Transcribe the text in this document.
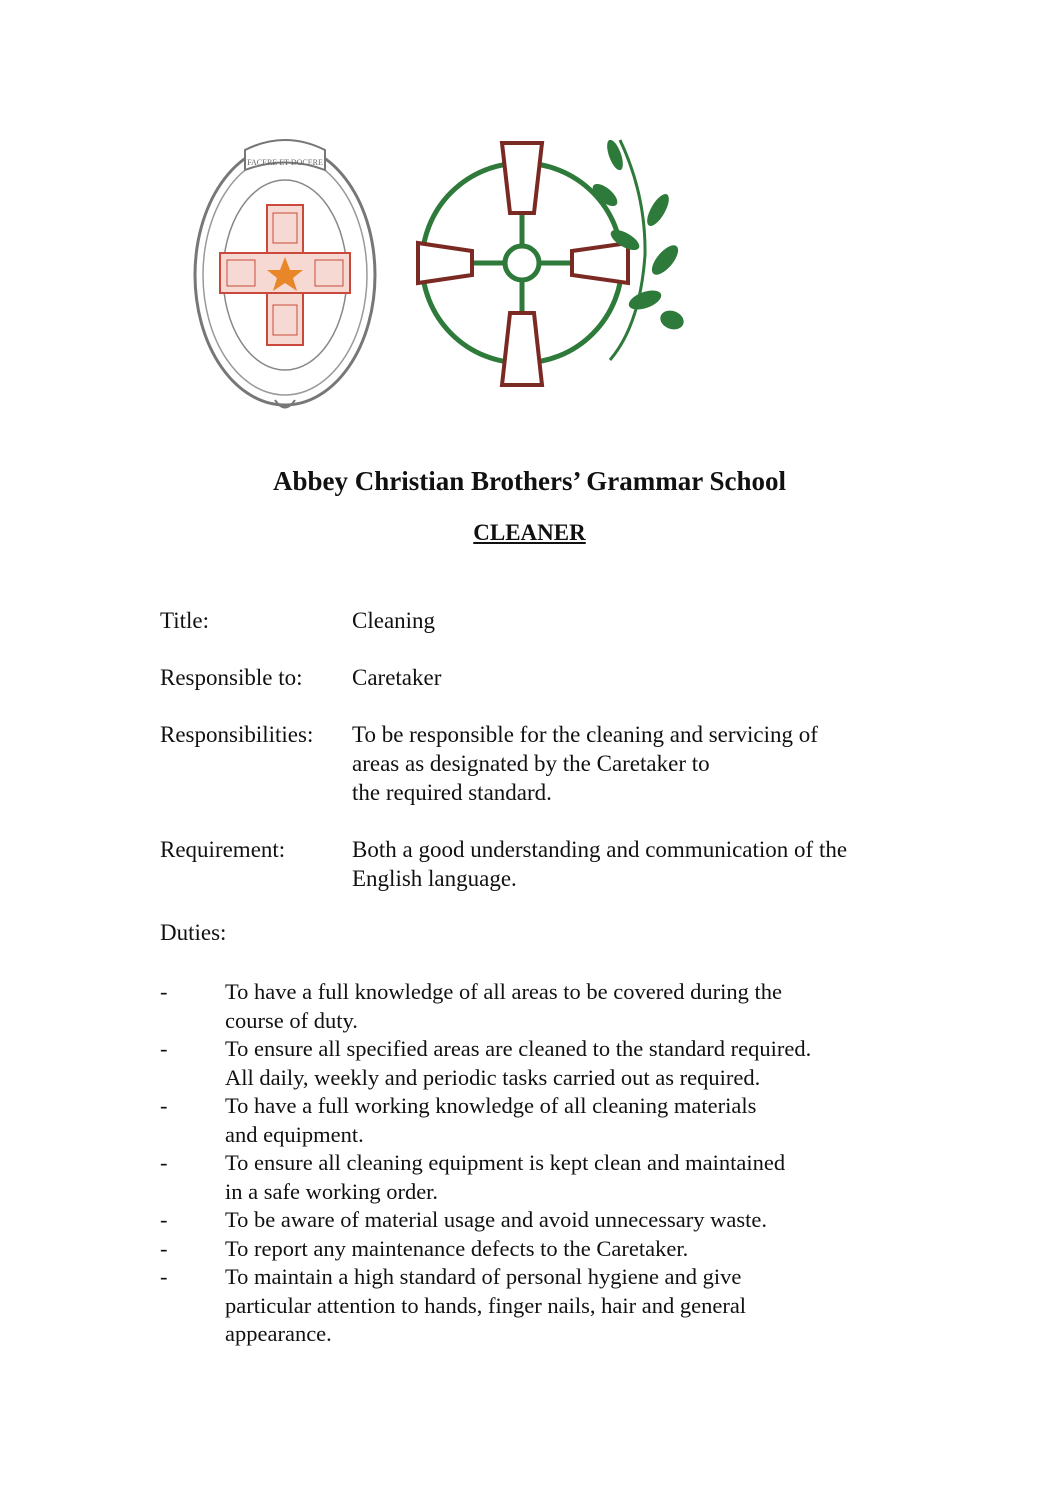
FACERE ET DOCERE
Abbey Christian Brothers’ Grammar School
CLEANER
Title:	Cleaning
Responsible to: Caretaker
Responsibilities: To be responsible for the cleaning and servicing of
areas as designated by the Caretaker to
the required standard.
Requirement:	Both a good understanding and communication of the
English language.
Duties:
-	To have a full knowledge of all areas to be covered during the
course of duty.
-	To ensure all specified areas are cleaned to the standard required.
All daily, weekly and periodic tasks carried out as required.
-	To have a full working knowledge of all cleaning materials
and equipment.
-	To ensure all cleaning equipment is kept clean and maintained
in a safe working order.
-	To be aware of material usage and avoid unnecessary waste.
-	To report any maintenance defects to the Caretaker.
-	To maintain a high standard of personal hygiene and give
particular attention to hands, finger nails, hair and general
appearance.
